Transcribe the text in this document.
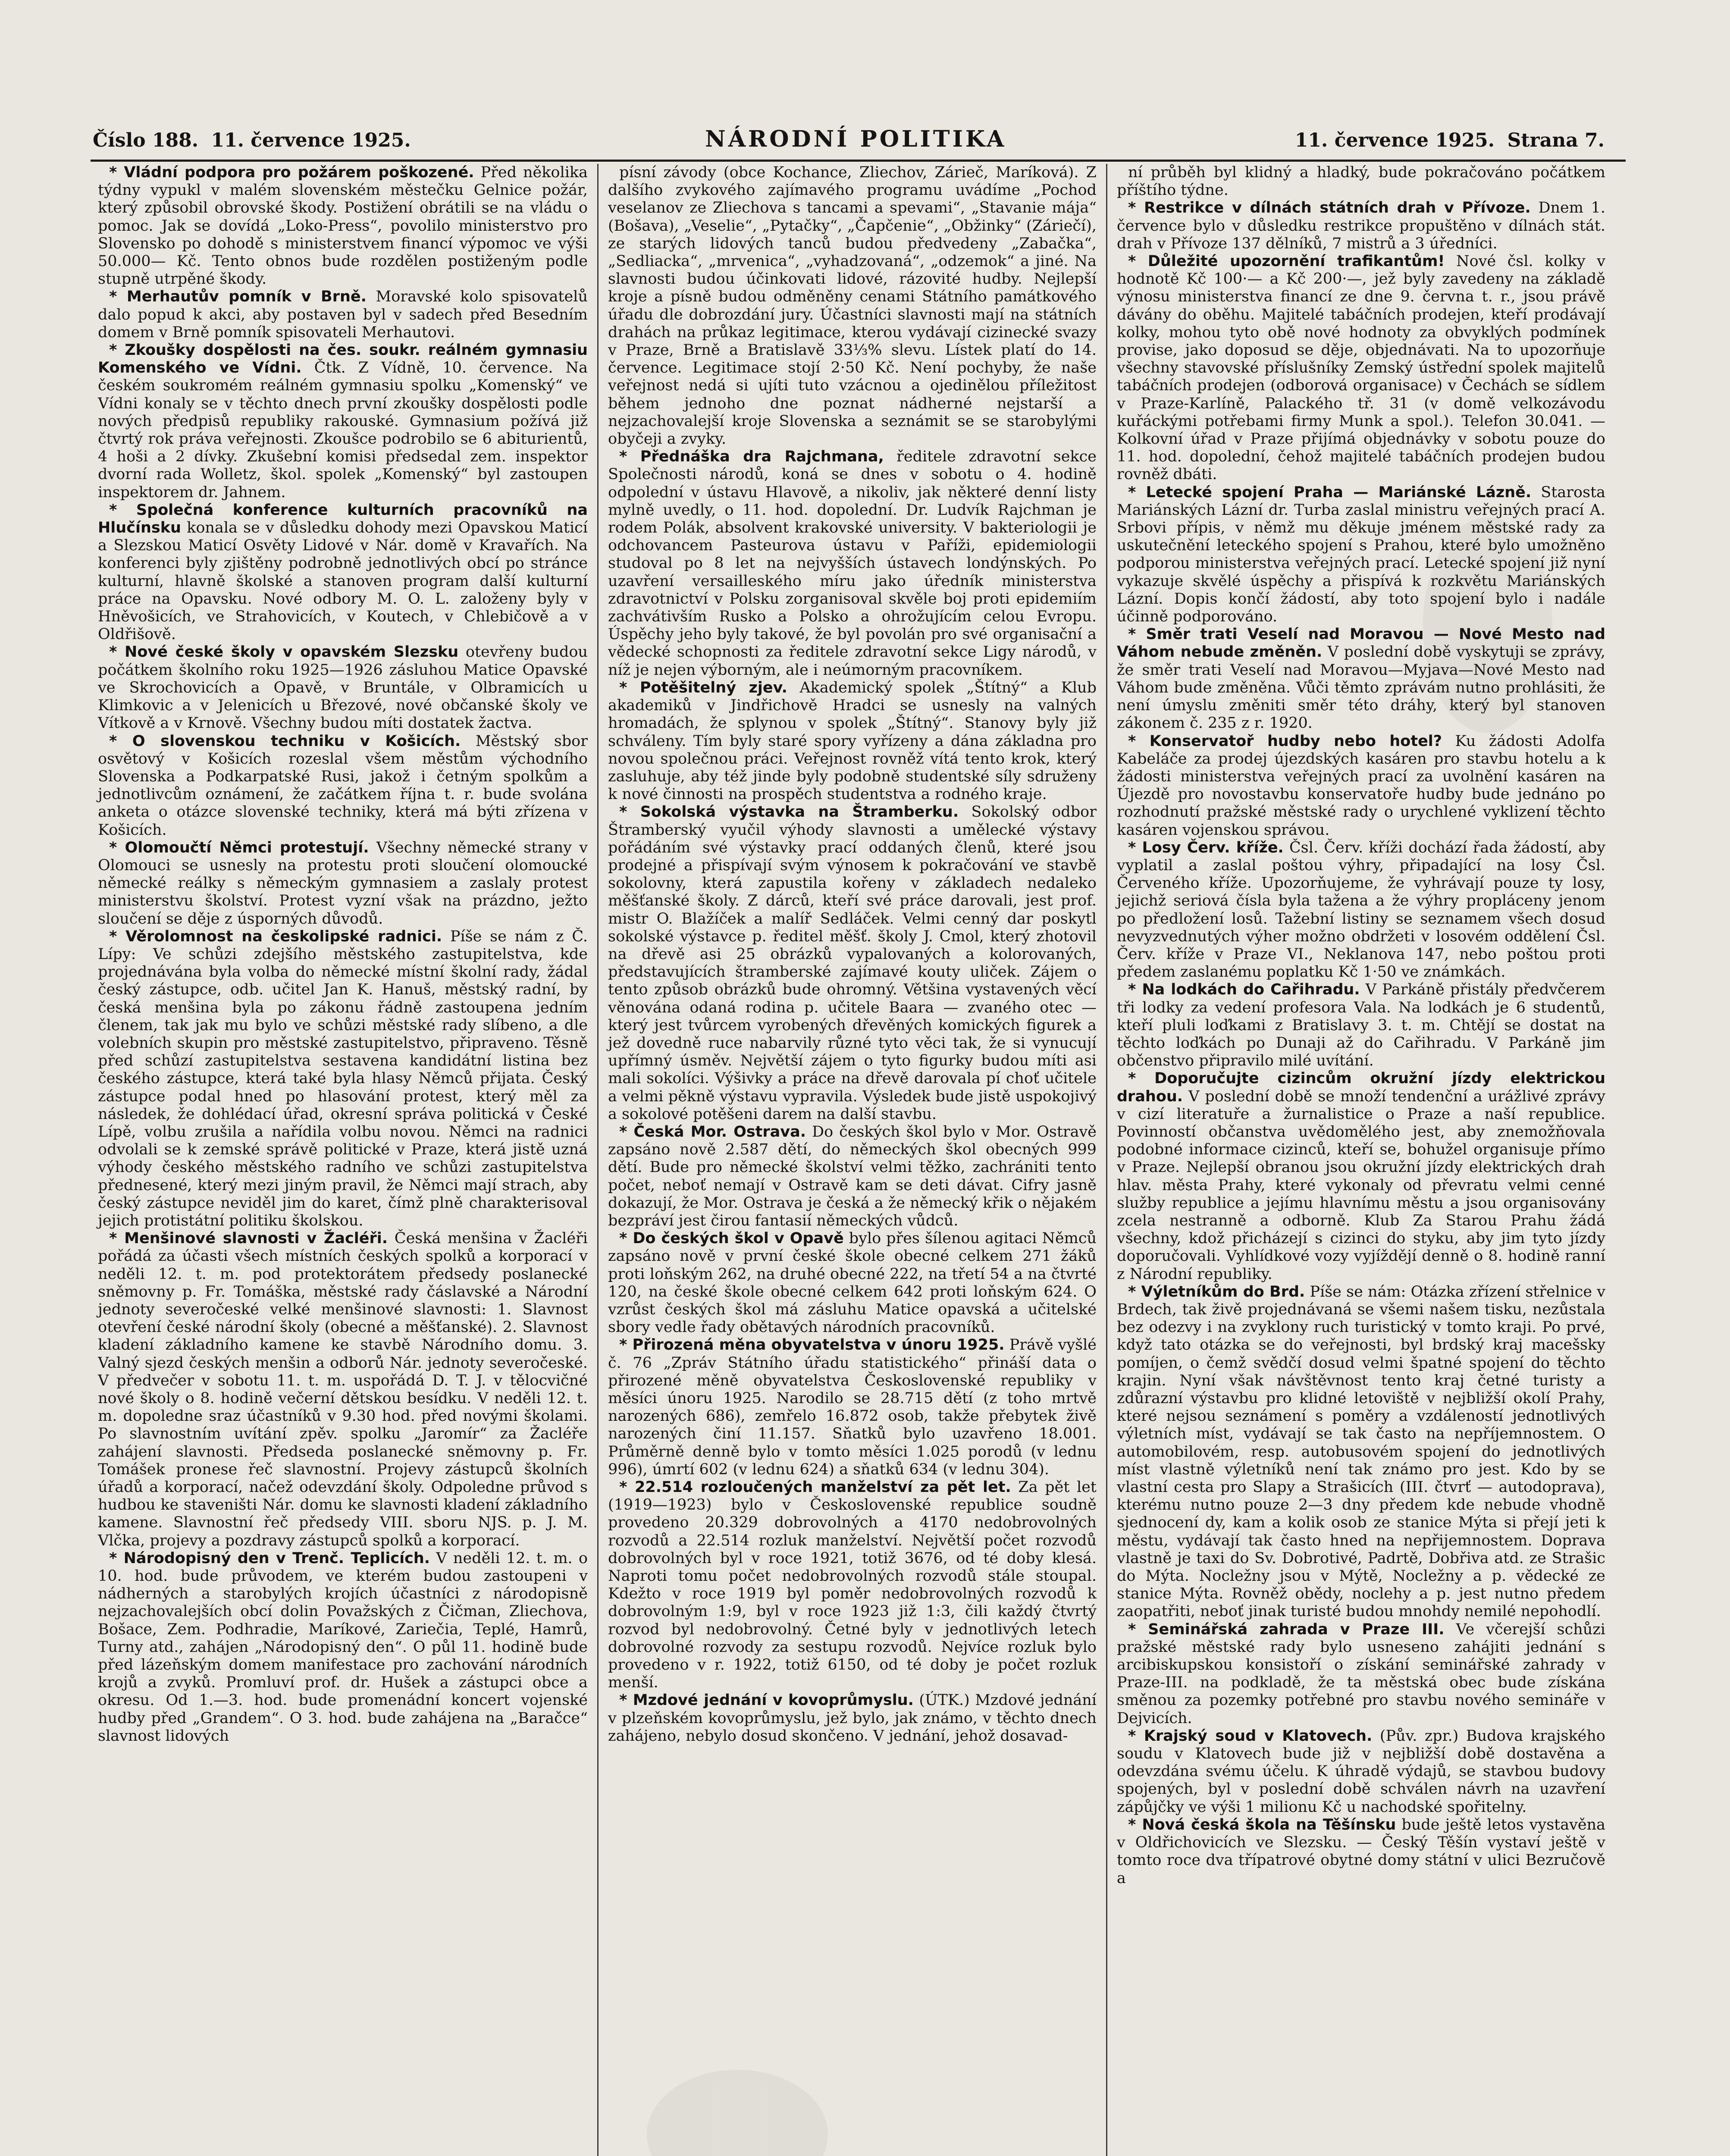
Číslo 188. 11. července 1925.	NÁRODNÍ POLITIKA	11. července 1925. Strana 7.

* Vládní podpora pro požárem poškozené. Před několika týdny vypukl v malém slovenském městečku Gelnice požár, který způsobil obrovské škody. Postižení obrátili se na vládu o pomoc. Jak se dovídá „Loko-Press“, povolilo ministerstvo pro Slovensko po dohodě s ministerstvem financí výpomoc ve výši 50.000— Kč. Tento obnos bude rozdělen postiženým podle stupně utrpěné škody.

* Merhautův pomník v Brně. Moravské kolo spisovatelů dalo popud k akci, aby postaven byl v sadech před Besedním domem v Brně pomník spisovateli Merhautovi.

* Zkoušky dospělosti na čes. soukr. reálném gymnasiu Komenského ve Vídni. Čtk. Z Vídně, 10. července. Na českém soukromém reálném gymnasiu spolku „Komenský“ ve Vídni konaly se v těchto dnech první zkoušky dospělosti podle nových předpisů republiky rakouské. Gymnasium požívá již čtvrtý rok práva veřejnosti. Zkoušce podrobilo se 6 abiturientů, 4 hoši a 2 dívky. Zkušební komisi předsedal zem. inspektor dvorní rada Wolletz, škol. spolek „Komenský“ byl zastoupen inspektorem dr. Jahnem.

* Společná konference kulturních pracovníků na Hlučínsku konala se v důsledku dohody mezi Opavskou Maticí a Slezskou Maticí Osvěty Lidové v Nár. domě v Kravařích. Na konferenci byly zjištěny podrobně jednotlivých obcí po stránce kulturní, hlavně školské a stanoven program další kulturní práce na Opavsku. Nové odbory M. O. L. založeny byly v Hněvošicích, ve Strahovicích, v Koutech, v Chlebičově a v Oldřišově.

* Nové české školy v opavském Slezsku otevřeny budou počátkem školního roku 1925—1926 zásluhou Matice Opavské ve Skrochovicích a Opavě, v Bruntále, v Olbramicích u Klimkovic a v Jelenicích u Březové, nové občanské školy ve Vítkově a v Krnově. Všechny budou míti dostatek žactva.

* O slovenskou techniku v Košicích. Městský sbor osvětový v Košicích rozeslal všem městům východního Slovenska a Podkarpatské Rusi, jakož i četným spolkům a jednotlivcům oznámení, že začátkem října t. r. bude svolána anketa o otázce slovenské techniky, která má býti zřízena v Košicích.

* Olomoučtí Němci protestují. Všechny německé strany v Olomouci se usnesly na protestu proti sloučení olomoucké německé reálky s německým gymnasiem a zaslaly protest ministerstvu školství. Protest vyzní však na prázdno, ježto sloučení se děje z úsporných důvodů.

* Věrolomnost na českolipské radnici. Píše se nám z Č. Lípy: Ve schůzi zdejšího městského zastupitelstva, kde projednávána byla volba do německé místní školní rady, žádal český zástupce, odb. učitel Jan K. Hanuš, městský radní, by česká menšina byla po zákonu řádně zastoupena jedním členem, tak jak mu bylo ve schůzi městské rady slíbeno, a dle volebních skupin pro městské zastupitelstvo, připraveno. Těsně před schůzí zastupitelstva sestavena kandidátní listina bez českého zástupce, která také byla hlasy Němců přijata. Český zástupce podal hned po hlasování protest, který měl za následek, že dohlédací úřad, okresní správa politická v České Lípě, volbu zrušila a nařídila volbu novou. Němci na radnici odvolali se k zemské správě politické v Praze, která jistě uzná výhody českého městského radního ve schůzi zastupitelstva přednesené, který mezi jiným pravil, že Němci mají strach, aby český zástupce neviděl jim do karet, čímž plně charakterisoval jejich protistátní politiku školskou.

* Menšinové slavnosti v Žacléři. Česká menšina v Žacléři pořádá za účasti všech místních českých spolků a korporací v neděli 12. t. m. pod protektorátem předsedy poslanecké sněmovny p. Fr. Tomáška, městské rady čáslavské a Národní jednoty severočeské velké menšinové slavnosti: 1. Slavnost otevření české národní školy (obecné a měšťanské). 2. Slavnost kladení základního kamene ke stavbě Národního domu. 3. Valný sjezd českých menšin a odborů Nár. jednoty severočeské. V předvečer v sobotu 11. t. m. uspořádá D. T. J. v tělocvičné nové školy o 8. hodině večerní dětskou besídku. V neděli 12. t. m. dopoledne sraz účastníků v 9.30 hod. před novými školami. Po slavnostním uvítání zpěv. spolku „Jaromír“ za Žacléře zahájení slavnosti. Předseda poslanecké sněmovny p. Fr. Tomášek pronese řeč slavnostní. Projevy zástupců školních úřadů a korporací, načež odevzdání školy. Odpoledne průvod s hudbou ke staveništi Nár. domu ke slavnosti kladení základního kamene. Slavnostní řeč předsedy VIII. sboru NJS. p. J. M. Vlčka, projevy a pozdravy zástupců spolků a korporací.

* Národopisný den v Trenč. Teplicích. V neděli 12. t. m. o 10. hod. bude průvodem, ve kterém budou zastoupeni v nádherných a starobylých krojích účastníci z národopisně nejzachovalejších obcí dolin Považských z Čičman, Zliechova, Bošace, Zem. Podhradie, Maríkové, Zariečia, Teplé, Hamrů, Turny atd., zahájen „Národopisný den“. O půl 11. hodině bude před lázeňským domem manifestace pro zachování národních krojů a zvyků. Promluví prof. dr. Hušek a zástupci obce a okresu. Od 1.—3. hod. bude promenádní koncert vojenské hudby před „Grandem“. O 3. hod. bude zahájena na „Baračce“ slavnost lidových

písní závody (obce Kochance, Zliechov, Zárieč, Maríková). Z dalšího zvykového zajímavého programu uvádíme „Pochod veselanov ze Zliechova s tancami a spevami“, „Stavanie mája“ (Bošava), „Veselie“, „Pytačky“, „Čapčenie“, „Obžinky“ (Záriečí), ze starých lidových tanců budou předvedeny „Zabačka“, „Sedliacka“, „mrvenica“, „vyhadzovaná“, „odzemok“ a jiné. Na slavnosti budou účinkovati lidové, rázovité hudby. Nejlepší kroje a písně budou odměněny cenami Státního památkového úřadu dle dobrozdání jury. Účastníci slavnosti mají na státních drahách na průkaz legitimace, kterou vydávají cizinecké svazy v Praze, Brně a Bratislavě 33⅓% slevu. Lístek platí do 14. července. Legitimace stojí 2·50 Kč. Není pochyby, že naše veřejnost nedá si ujíti tuto vzácnou a ojedinělou příležitost během jednoho dne poznat nádherné nejstarší a nejzachovalejší kroje Slovenska a seznámit se se starobylými obyčeji a zvyky.

* Přednáška dra Rajchmana, ředitele zdravotní sekce Společnosti národů, koná se dnes v sobotu o 4. hodině odpolední v ústavu Hlavově, a nikoliv, jak některé denní listy mylně uvedly, o 11. hod. dopolední. Dr. Ludvík Rajchman je rodem Polák, absolvent krakovské university. V bakteriologii je odchovancem Pasteurova ústavu v Paříži, epidemiologii studoval po 8 let na nejvyšších ústavech londýnských. Po uzavření versailleského míru jako úředník ministerstva zdravotnictví v Polsku zorganisoval skvěle boj proti epidemiím zachvátivším Rusko a Polsko a ohrožujícím celou Evropu. Úspěchy jeho byly takové, že byl povolán pro své organisační a vědecké schopnosti za ředitele zdravotní sekce Ligy národů, v níž je nejen výborným, ale i neúmorným pracovníkem.

* Potěšitelný zjev. Akademický spolek „Štítný“ a Klub akademiků v Jindřichově Hradci se usnesly na valných hromadách, že splynou v spolek „Štítný“. Stanovy byly již schváleny. Tím byly staré spory vyřízeny a dána základna pro novou společnou práci. Veřejnost rovněž vítá tento krok, který zasluhuje, aby též jinde byly podobně studentské síly sdruženy k nové činnosti na prospěch studentstva a rodného kraje.

* Sokolská výstavka na Štramberku. Sokolský odbor Štramberský vyučil výhody slavnosti a umělecké výstavy pořádáním své výstavky prací oddaných členů, které jsou prodejné a přispívají svým výnosem k pokračování ve stavbě sokolovny, která zapustila kořeny v základech nedaleko měšťanské školy. Z dárců, kteří své práce darovali, jest prof. mistr O. Blažíček a malíř Sedláček. Velmi cenný dar poskytl sokolské výstavce p. ředitel měšť. školy J. Cmol, který zhotovil na dřevě asi 25 obrázků vypalovaných a kolorovaných, představujících štramberské zajímavé kouty uliček. Zájem o tento způsob obrázků bude ohromný. Většina vystavených věcí věnována odaná rodina p. učitele Baara — zvaného otec — který jest tvůrcem vyrobených dřevěných komických figurek a jež dovedně ruce nabarvily různé tyto věci tak, že si vynucují upřímný úsměv. Největší zájem o tyto figurky budou míti asi mali sokolíci. Výšivky a práce na dřevě darovala pí choť učitele a velmi pěkně výstavu vypravila. Výsledek bude jistě uspokojivý a sokolové potěšeni darem na další stavbu.

* Česká Mor. Ostrava. Do českých škol bylo v Mor. Ostravě zapsáno nově 2.587 dětí, do německých škol obecných 999 dětí. Bude pro německé školství velmi těžko, zachrániti tento počet, neboť nemají v Ostravě kam se deti dávat. Cifry jasně dokazují, že Mor. Ostrava je česká a že německý křik o nějakém bezpráví jest čirou fantasií německých vůdců.

* Do českých škol v Opavě bylo přes šílenou agitaci Němců zapsáno nově v první české škole obecné celkem 271 žáků proti loňským 262, na druhé obecné 222, na třetí 54 a na čtvrté 120, na české škole obecné celkem 642 proti loňským 624. O vzrůst českých škol má zásluhu Matice opavská a učitelské sbory vedle řady obětavých národních pracovníků.

* Přirozená měna obyvatelstva v únoru 1925. Právě vyšlé č. 76 „Zpráv Státního úřadu statistického“ přináší data o přirozené měně obyvatelstva Československé republiky v měsíci únoru 1925. Narodilo se 28.715 dětí (z toho mrtvě narozených 686), zemřelo 16.872 osob, takže přebytek živě narozených činí 11.157. Sňatků bylo uzavřeno 18.001. Průměrně denně bylo v tomto měsíci 1.025 porodů (v lednu 996), úmrtí 602 (v lednu 624) a sňatků 634 (v lednu 304).

* 22.514 rozloučených manželství za pět let. Za pět let (1919—1923) bylo v Československé republice soudně provedeno 20.329 dobrovolných a 4170 nedobrovolných rozvodů a 22.514 rozluk manželství. Největší počet rozvodů dobrovolných byl v roce 1921, totiž 3676, od té doby klesá. Naproti tomu počet nedobrovolných rozvodů stále stoupal. Kdežto v roce 1919 byl poměr nedobrovolných rozvodů k dobrovolným 1:9, byl v roce 1923 již 1:3, čili každý čtvrtý rozvod byl nedobrovolný. Četné byly v jednotlivých letech dobrovolné rozvody za sestupu rozvodů. Nejvíce rozluk bylo provedeno v r. 1922, totiž 6150, od té doby je počet rozluk menší.

* Mzdové jednání v kovoprůmyslu. (ÚTK.) Mzdové jednání v plzeňském kovoprůmyslu, jež bylo, jak známo, v těchto dnech zahájeno, nebylo dosud skončeno. V jednání, jehož dosavad-

ní průběh byl klidný a hladký, bude pokračováno počátkem příštího týdne.

* Restrikce v dílnách státních drah v Přívoze. Dnem 1. července bylo v důsledku restrikce propuštěno v dílnách stát. drah v Přívoze 137 dělníků, 7 mistrů a 3 úředníci.

* Důležité upozornění trafikantům! Nové čsl. kolky v hodnotě Kč 100·— a Kč 200·—, jež byly zavedeny na základě výnosu ministerstva financí ze dne 9. června t. r., jsou právě dávány do oběhu. Majitelé tabáčních prodejen, kteří prodávají kolky, mohou tyto obě nové hodnoty za obvyklých podmínek provise, jako doposud se děje, objednávati. Na to upozorňuje všechny stavovské příslušníky Zemský ústřední spolek majitelů tabáčních prodejen (odborová organisace) v Čechách se sídlem v Praze-Karlíně, Palackého tř. 31 (v domě velkozávodu kuřáckými potřebami firmy Munk a spol.). Telefon 30.041. — Kolkovní úřad v Praze přijímá objednávky v sobotu pouze do 11. hod. dopolední, čehož majitelé tabáčních prodejen budou rovněž dbáti.

* Letecké spojení Praha — Mariánské Lázně. Starosta Mariánských Lázní dr. Turba zaslal ministru veřejných prací A. Srbovi přípis, v němž mu děkuje jménem městské rady za uskutečnění leteckého spojení s Prahou, které bylo umožněno podporou ministerstva veřejných prací. Letecké spojení již nyní vykazuje skvělé úspěchy a přispívá k rozkvětu Mariánských Lázní. Dopis končí žádostí, aby toto spojení bylo i nadále účinně podporováno.

* Směr trati Veselí nad Moravou — Nové Mesto nad Váhom nebude změněn. V poslední době vyskytuji se zprávy, že směr trati Veselí nad Moravou—Myjava—Nové Mesto nad Váhom bude změněna. Vůči těmto zprávám nutno prohlásiti, že není úmyslu změniti směr této dráhy, který byl stanoven zákonem č. 235 z r. 1920.

* Konservatoř hudby nebo hotel? Ku žádosti Adolfa Kabeláče za prodej újezdských kasáren pro stavbu hotelu a k žádosti ministerstva veřejných prací za uvolnění kasáren na Újezdě pro novostavbu konservatoře hudby bude jednáno po rozhodnutí pražské městské rady o urychlené vyklizení těchto kasáren vojenskou správou.

* Losy Červ. kříže. Čsl. Červ. kříži dochází řada žádostí, aby vyplatil a zaslal poštou výhry, připadající na losy Čsl. Červeného kříže. Upozorňujeme, že vyhrávají pouze ty losy, jejichž seriová čísla byla tažena a že výhry propláceny jenom po předložení losů. Tažební listiny se seznamem všech dosud nevyzvednutých výher možno obdržeti v losovém oddělení Čsl. Červ. kříže v Praze VI., Neklanova 147, nebo poštou proti předem zaslanému poplatku Kč 1·50 ve známkách.

* Na lodkách do Cařihradu. V Parkáně přistály předvčerem tři lodky za vedení profesora Vala. Na lodkách je 6 studentů, kteří pluli loďkami z Bratislavy 3. t. m. Chtějí se dostat na těchto loďkách po Dunaji až do Cařihradu. V Parkáně jim občenstvo připravilo milé uvítání.

* Doporučujte cizincům okružní jízdy elektrickou drahou. V poslední době se množí tendenční a urážlivé zprávy v cizí literatuře a žurnalistice o Praze a naší republice. Povinností občanstva uvědomělého jest, aby znemožňovala podobné informace cizinců, kteří se, bohužel organisuje přímo v Praze. Nejlepší obranou jsou okružní jízdy elektrických drah hlav. města Prahy, které vykonaly od převratu velmi cenné služby republice a jejímu hlavnímu městu a jsou organisovány zcela nestranně a odborně. Klub Za Starou Prahu žádá všechny, kdož přicházejí s cizinci do styku, aby jim tyto jízdy doporučovali. Vyhlídkové vozy vyjíždějí denně o 8. hodině ranní z Národní republiky.

* Výletníkům do Brd. Píše se nám: Otázka zřízení střelnice v Brdech, tak živě projednávaná se všemi našem tisku, nezůstala bez odezvy i na zvyklony ruch turistický v tomto kraji. Po prvé, když tato otázka se do veřejnosti, byl brdský kraj macešsky pomíjen, o čemž svědčí dosud velmi špatné spojení do těchto krajin. Nyní však návštěvnost tento kraj četné turisty a zdůrazní výstavbu pro klidné letoviště v nejbližší okolí Prahy, které nejsou seznámení s poměry a vzdáleností jednotlivých výletních míst, vydávají se tak často na nepříjemnostem. O automobilovém, resp. autobusovém spojení do jednotlivých míst vlastně výletníků není tak známo pro jest. Kdo by se vlastní cesta pro Slapy a Strašicích (III. čtvrť — autodoprava), kterému nutno pouze 2—3 dny předem kde nebude vhodně sjednocení dy, kam a kolik osob ze stanice Mýta si přejí jeti k městu, vydávají tak často hned na nepřijemnostem. Doprava vlastně je taxi do Sv. Dobrotivé, Padrtě, Dobřiva atd. ze Strašic do Mýta. Nocležny jsou v Mýtě, Nocležny a p. vědecké ze stanice Mýta. Rovněž obědy, noclehy a p. jest nutno předem zaopatřiti, neboť jinak turisté budou mnohdy nemilé nepohodlí.

* Seminářská zahrada v Praze III. Ve včerejší schůzi pražské městské rady bylo usneseno zahájiti jednání s arcibiskupskou konsistoří o získání seminářské zahrady v Praze-III. na podkladě, že ta městská obec bude získána směnou za pozemky potřebné pro stavbu nového semináře v Dejvicích.

* Krajský soud v Klatovech. (Pův. zpr.) Budova krajského soudu v Klatovech bude již v nejbližší době dostavěna a odevzdána svému účelu. K úhradě výdajů, se stavbou budovy spojených, byl v poslední době schválen návrh na uzavření zápůjčky ve výši 1 milionu Kč u nachodské spořitelny.

* Nová česká škola na Těšínsku bude ještě letos vystavěna v Oldřichovicích ve Slezsku. — Český Těšín vystaví ještě v tomto roce dva třípatrové obytné domy státní v ulici Bezručově a
